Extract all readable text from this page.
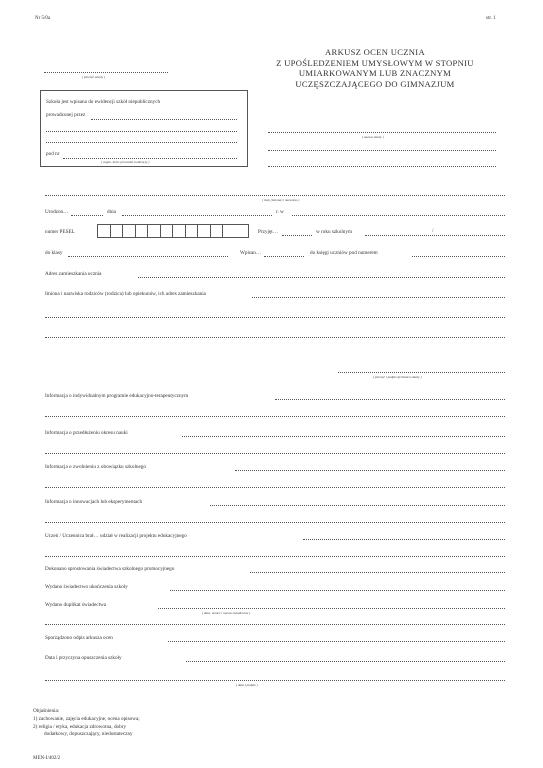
Nr 5/0a	str. 1
( pieczęć szkoły )
ARKUSZ OCEN UCZNIA
Z UPOŚLEDZENIEM UMYSŁOWYM W STOPNIU
UMIARKOWANYM LUB ZNACZNYM
UCZĘSZCZAJĄCEGO DO GIMNAZJUM
Szkoła jest wpisana do ewidencji szkół niepublicznych
prowadzonej przez
pod nr
( organ, który prowadzi ewidencję )
( nazwa szkoły )
( imię (imiona) i nazwisko )
Urodzon…	dnia	r. w
numer PESEL	Przyjęt…	w roku szkolnym	/
do klasy	Wpisan…	do księgi uczniów pod numerem
Adres zamieszkania ucznia
Imiona i nazwiska rodziców (rodzica) lub opiekunów, ich adres zamieszkania
( pieczęć i podpis dyrektora szkoły )
Informacja o indywidualnym programie edukacyjno-terapeutycznym
Informacja o przedłużeniu okresu nauki
Informacja o zwolnieniu z obowiązku szkolnego
Informacja o innowacjach lub eksperymentach
Uczeń / Uczennica brał… udział w realizacji projektu edukacyjnego
Dokonano sprostowania świadectwa szkolnego promocyjnego
Wydano świadectwo ukończenia szkoły
Wydano duplikat świadectwa
( data, numer i nazwa świadectwa )
Sporządzono odpis arkusza ocen
Data i przyczyna opuszczenia szkoły
( data i podpis )
Objaśnienia:
1) zachowanie, zajęcia edukacyjne, ocena opisowa;
2) religia / etyka, edukacja zdrowotna, dobry
dodatkowy, dopuszczający, niedostateczny
MEN-I/402/2
